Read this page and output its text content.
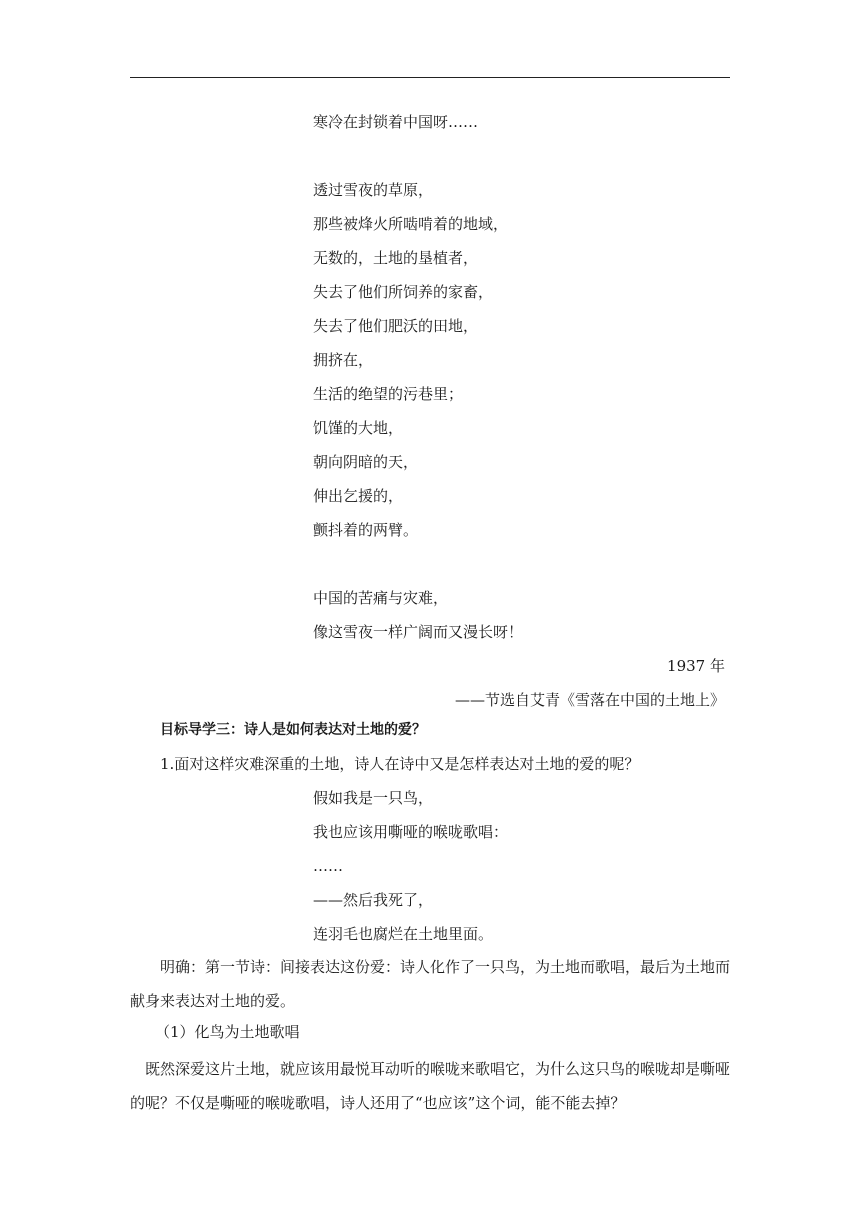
寒冷在封锁着中国呀……
透过雪夜的草原，
那些被烽火所啮啃着的地域，
无数的，土地的垦植者，
失去了他们所饲养的家畜，
失去了他们肥沃的田地，
拥挤在，
生活的绝望的污巷里；
饥馑的大地，
朝向阴暗的天，
伸出乞援的，
颤抖着的两臂。
中国的苦痛与灾难，
像这雪夜一样广阔而又漫长呀！
1937 年
——节选自艾青《雪落在中国的土地上》
目标导学三：诗人是如何表达对土地的爱？
1.面对这样灾难深重的土地，诗人在诗中又是怎样表达对土地的爱的呢？
假如我是一只鸟，
我也应该用嘶哑的喉咙歌唱：
……
——然后我死了，
连羽毛也腐烂在土地里面。
明确：第一节诗：间接表达这份爱：诗人化作了一只鸟，为土地而歌唱，最后为土地而献身来表达对土地的爱。
（1）化鸟为土地歌唱
既然深爱这片土地，就应该用最悦耳动听的喉咙来歌唱它，为什么这只鸟的喉咙却是嘶哑的呢？不仅是嘶哑的喉咙歌唱，诗人还用了“也应该”这个词，能不能去掉？
